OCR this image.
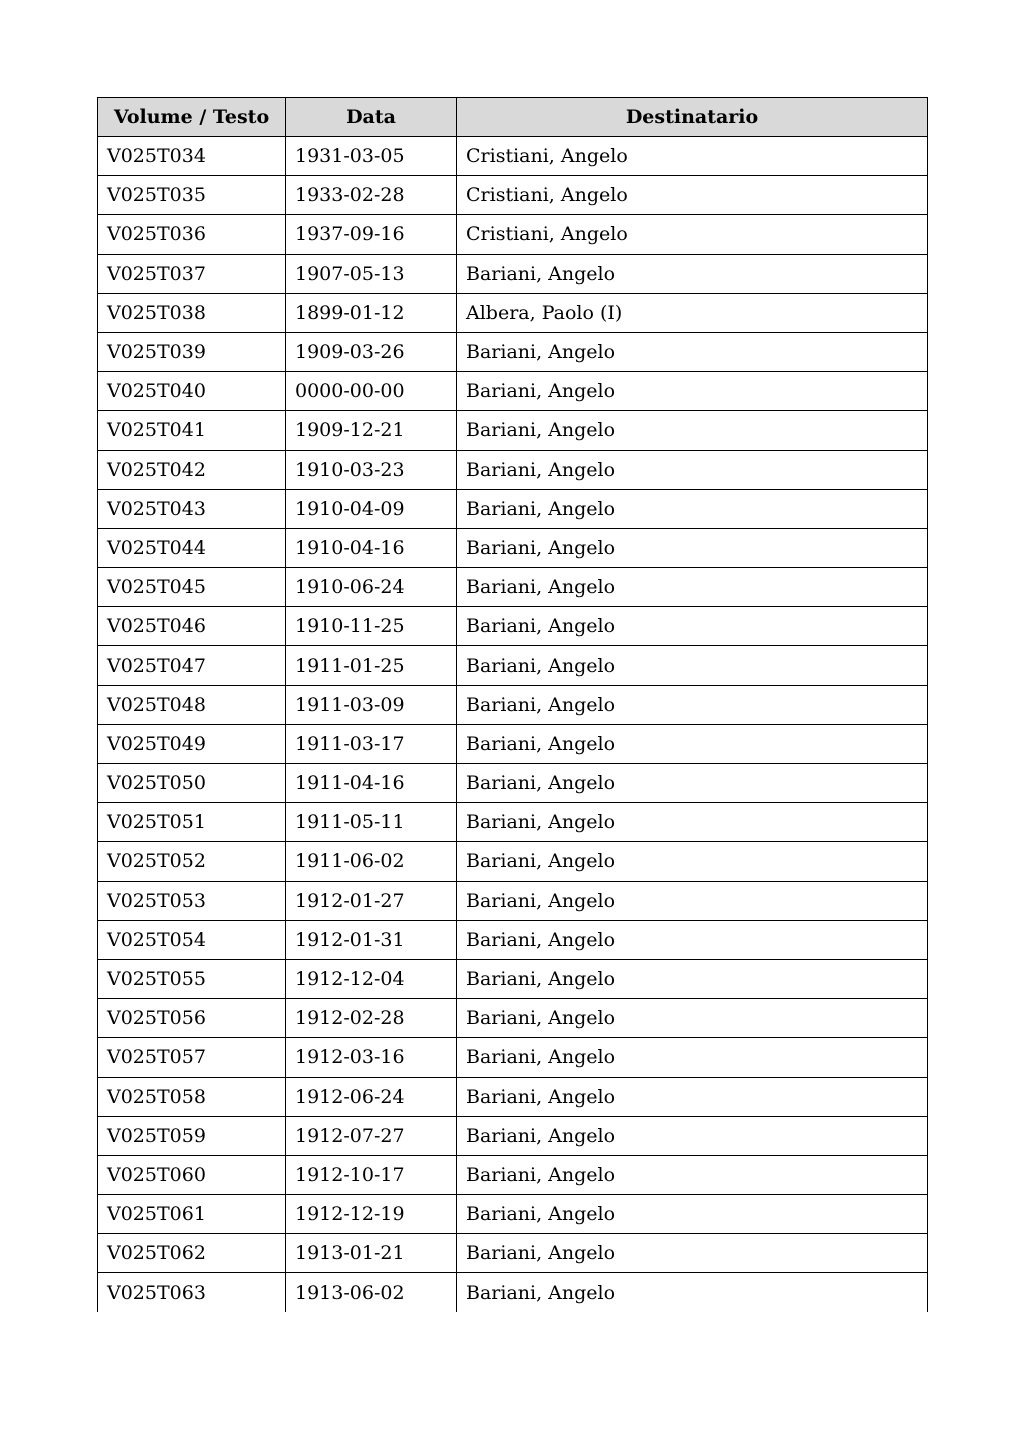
Volume / Testo	Data	Destinatario
V025T034	1931-03-05	Cristiani, Angelo
V025T035	1933-02-28	Cristiani, Angelo
V025T036	1937-09-16	Cristiani, Angelo
V025T037	1907-05-13	Bariani, Angelo
V025T038	1899-01-12	Albera, Paolo (I)
V025T039	1909-03-26	Bariani, Angelo
V025T040	0000-00-00	Bariani, Angelo
V025T041	1909-12-21	Bariani, Angelo
V025T042	1910-03-23	Bariani, Angelo
V025T043	1910-04-09	Bariani, Angelo
V025T044	1910-04-16	Bariani, Angelo
V025T045	1910-06-24	Bariani, Angelo
V025T046	1910-11-25	Bariani, Angelo
V025T047	1911-01-25	Bariani, Angelo
V025T048	1911-03-09	Bariani, Angelo
V025T049	1911-03-17	Bariani, Angelo
V025T050	1911-04-16	Bariani, Angelo
V025T051	1911-05-11	Bariani, Angelo
V025T052	1911-06-02	Bariani, Angelo
V025T053	1912-01-27	Bariani, Angelo
V025T054	1912-01-31	Bariani, Angelo
V025T055	1912-12-04	Bariani, Angelo
V025T056	1912-02-28	Bariani, Angelo
V025T057	1912-03-16	Bariani, Angelo
V025T058	1912-06-24	Bariani, Angelo
V025T059	1912-07-27	Bariani, Angelo
V025T060	1912-10-17	Bariani, Angelo
V025T061	1912-12-19	Bariani, Angelo
V025T062	1913-01-21	Bariani, Angelo
V025T063	1913-06-02	Bariani, Angelo
